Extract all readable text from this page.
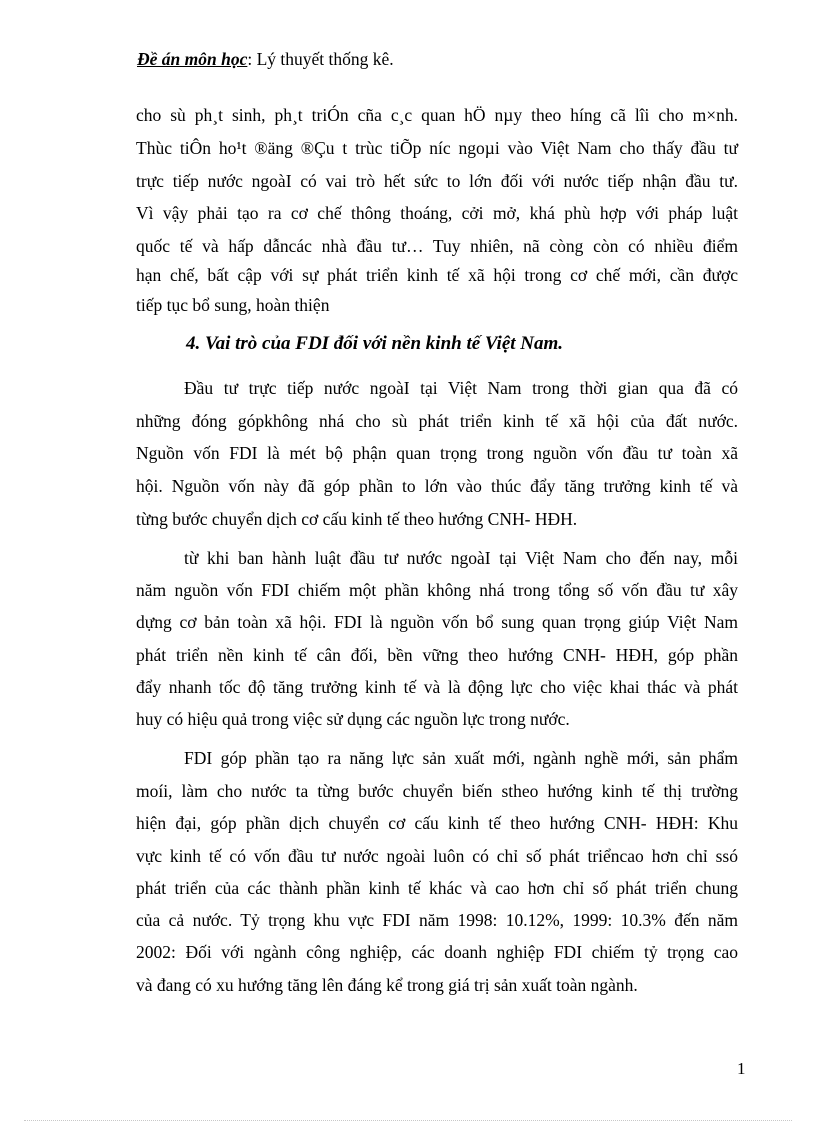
Đề án môn học: Lý thuyết thống kê.
cho sù ph¸t sinh, ph¸t triÓn cña c¸c quan hÖ nµy theo híng cã lîi cho m×nh.
Thùc tiÔn ho¹t ®äng ®Çu t trùc tiÕp níc ngoµi vào Việt Nam cho thấy đầu tư
trực tiếp nước ngoàI có vai trò hết sức to lớn đối với nước tiếp nhận đầu tư.
Vì vậy phải tạo ra cơ chế thông thoáng, cởi mở, khá phù hợp với pháp luật
quốc tế và hấp dẫncác nhà đầu tư… Tuy nhiên, nã còng còn có nhiều điểm
hạn chế, bất cập với sự phát triển kinh tế xã hội trong cơ chế mới, cần được
tiếp tục bổ sung, hoàn thiện
4. Vai trò của FDI đối với nền kinh tế Việt Nam.
Đầu tư trực tiếp nước ngoàI tại Việt Nam trong thời gian qua đã có
những đóng gópkhông nhá cho sù phát triển kinh tế xã hội của đất nước.
Nguồn vốn FDI là mét bộ phận quan trọng trong nguồn vốn đầu tư toàn xã
hội. Nguồn vốn này đã góp phần to lớn vào thúc đẩy tăng trưởng kinh tế và
từng bước chuyển dịch cơ cấu kinh tế theo hướng CNH- HĐH.
từ khi ban hành luật đầu tư nước ngoàI tại Việt Nam cho đến nay, mỗi
năm nguồn vốn FDI chiếm một phần không nhá trong tổng số vốn đầu tư xây
dựng cơ bản toàn xã hội. FDI là nguồn vốn bổ sung quan trọng giúp Việt Nam
phát triển nền kinh tế cân đối, bền vững theo hướng CNH- HĐH, góp phần
đẩy nhanh tốc độ tăng trưởng kinh tế và là động lực cho việc khai thác và phát
huy có hiệu quả trong việc sử dụng các nguồn lực trong nước.
FDI góp phần tạo ra năng lực sản xuất mới, ngành nghề mới, sản phẩm
moíi, làm cho nước ta từng bước chuyển biến stheo hướng kinh tế thị trường
hiện đại, góp phần dịch chuyển cơ cấu kinh tế theo hướng CNH- HĐH: Khu
vực kinh tế có vốn đầu tư nước ngoài luôn có chỉ số phát triểncao hơn chỉ ssó
phát triển của các thành phần kinh tế khác và cao hơn chỉ số phát triển chung
của cả nước. Tỷ trọng khu vực FDI năm 1998: 10.12%, 1999: 10.3% đến năm
2002: Đối với ngành công nghiệp, các doanh nghiệp FDI chiếm tỷ trọng cao
và đang có xu hướng tăng lên đáng kể trong giá trị sản xuất toàn ngành.
1
